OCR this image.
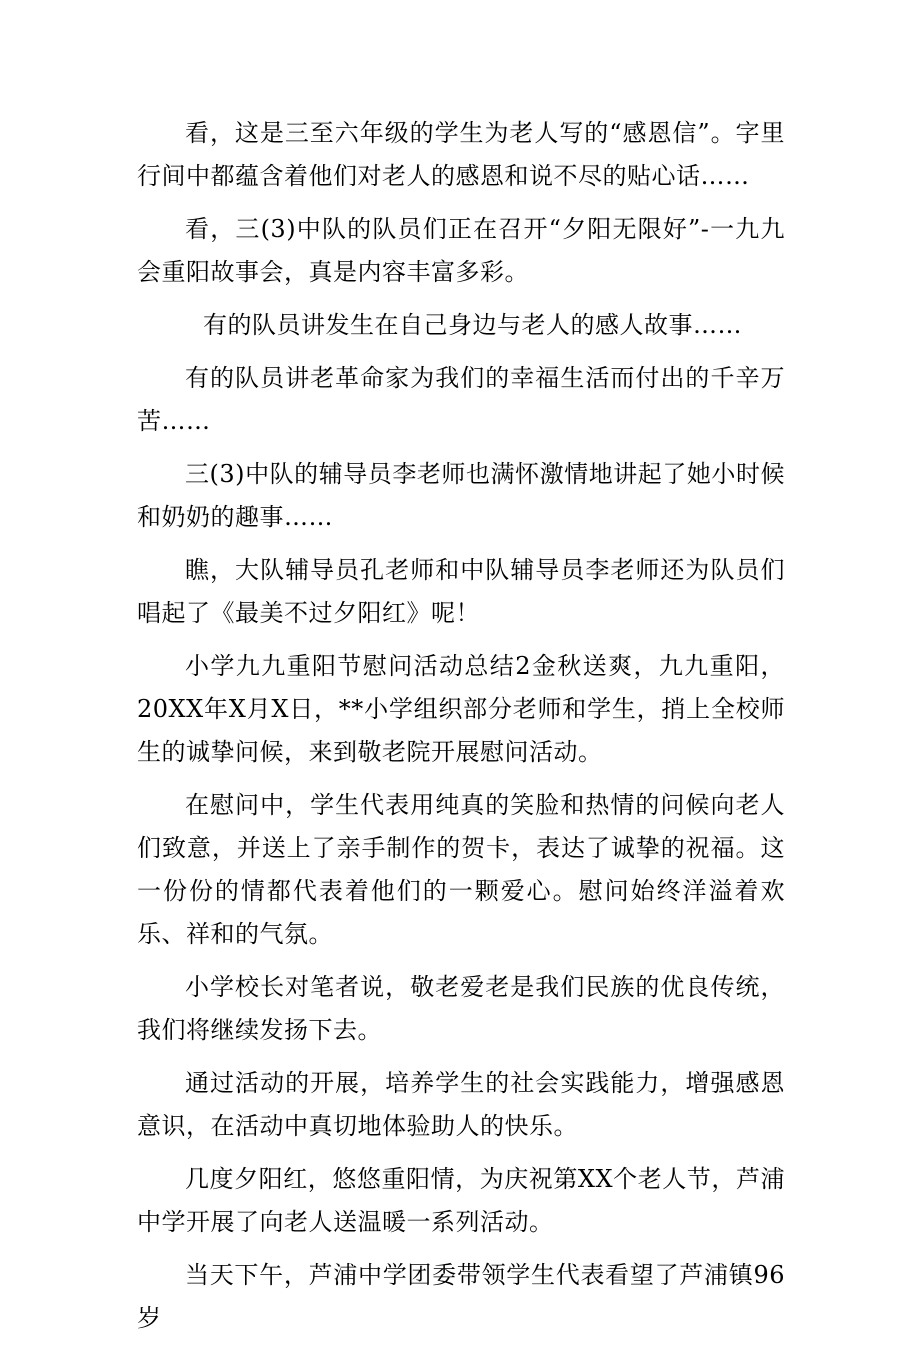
看，这是三至六年级的学生为老人写的“感恩信”。字里行间中都蕴含着他们对老人的感恩和说不尽的贴心话……

看，三(3)中队的队员们正在召开“夕阳无限好”-一九九会重阳故事会，真是内容丰富多彩。

有的队员讲发生在自己身边与老人的感人故事……

有的队员讲老革命家为我们的幸福生活而付出的千辛万苦……

三(3)中队的辅导员李老师也满怀激情地讲起了她小时候和奶奶的趣事……

瞧，大队辅导员孔老师和中队辅导员李老师还为队员们唱起了《最美不过夕阳红》呢！

小学九九重阳节慰问活动总结2金秋送爽，九九重阳，20XX年X月X日，**小学组织部分老师和学生，捎上全校师生的诚挚问候，来到敬老院开展慰问活动。

在慰问中，学生代表用纯真的笑脸和热情的问候向老人们致意，并送上了亲手制作的贺卡，表达了诚挚的祝福。这一份份的情都代表着他们的一颗爱心。慰问始终洋溢着欢乐、祥和的气氛。

小学校长对笔者说，敬老爱老是我们民族的优良传统，我们将继续发扬下去。

通过活动的开展，培养学生的社会实践能力，增强感恩意识，在活动中真切地体验助人的快乐。

几度夕阳红，悠悠重阳情，为庆祝第XX个老人节，芦浦中学开展了向老人送温暖一系列活动。

当天下午，芦浦中学团委带领学生代表看望了芦浦镇96岁
